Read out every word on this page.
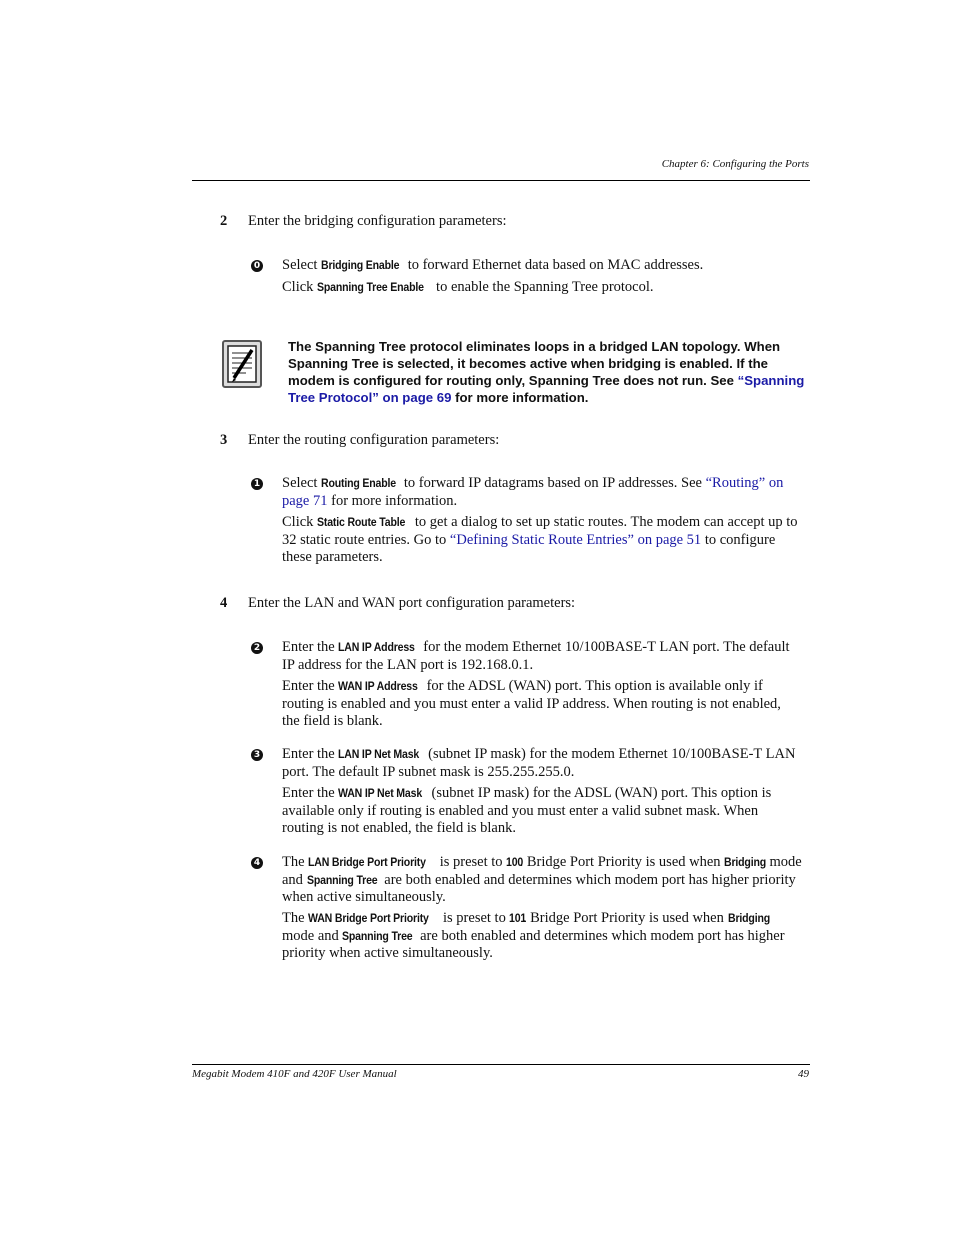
Chapter 6: Configuring the Ports
2 Enter the bridging configuration parameters:
0 Select Bridging Enable to forward Ethernet data based on MAC addresses.
Click Spanning Tree Enable to enable the Spanning Tree protocol.
The Spanning Tree protocol eliminates loops in a bridged LAN topology. When Spanning Tree is selected, it becomes active when bridging is enabled. If the modem is configured for routing only, Spanning Tree does not run. See “Spanning Tree Protocol” on page 69 for more information.
3 Enter the routing configuration parameters:
1 Select Routing Enable to forward IP datagrams based on IP addresses. See “Routing” on page 71 for more information.
Click Static Route Table to get a dialog to set up static routes. The modem can accept up to 32 static route entries. Go to “Defining Static Route Entries” on page 51 to configure these parameters.
4 Enter the LAN and WAN port configuration parameters:
2 Enter the LAN IP Address for the modem Ethernet 10/100BASE-T LAN port. The default IP address for the LAN port is 192.168.0.1.
Enter the WAN IP Address for the ADSL (WAN) port. This option is available only if routing is enabled and you must enter a valid IP address. When routing is not enabled, the field is blank.
3 Enter the LAN IP Net Mask (subnet IP mask) for the modem Ethernet 10/100BASE-T LAN port. The default IP subnet mask is 255.255.255.0.
Enter the WAN IP Net Mask (subnet IP mask) for the ADSL (WAN) port. This option is available only if routing is enabled and you must enter a valid subnet mask. When routing is not enabled, the field is blank.
4 The LAN Bridge Port Priority is preset to 100. Bridge Port Priority is used when Bridging mode and Spanning Tree are both enabled and determines which modem port has higher priority when active simultaneously.
The WAN Bridge Port Priority is preset to 101. Bridge Port Priority is used when Bridging mode and Spanning Tree are both enabled and determines which modem port has higher priority when active simultaneously.
Megabit Modem 410F and 420F User Manual	49
